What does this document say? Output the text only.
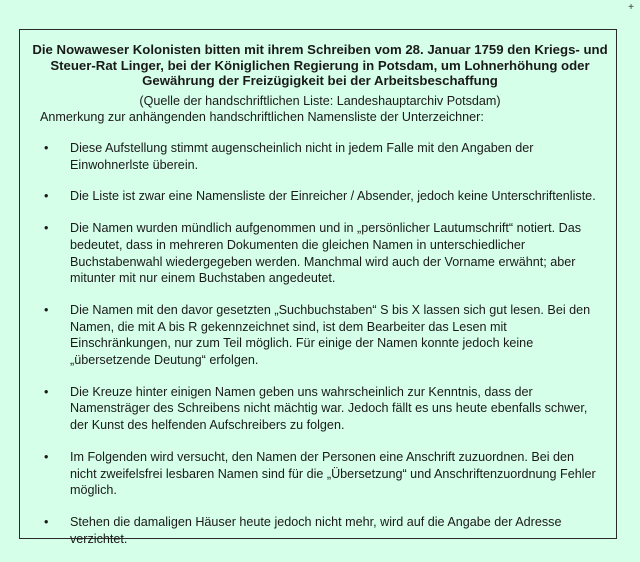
+

Die Nowaweser Kolonisten bitten mit ihrem Schreiben vom 28. Januar 1759 den Kriegs- und Steuer-Rat Linger, bei der Königlichen Regierung in Potsdam, um Lohnerhöhung oder Gewährung der Freizügigkeit bei der Arbeitsbeschaffung

(Quelle der handschriftlichen Liste: Landeshauptarchiv Potsdam)

Anmerkung zur anhängenden handschriftlichen Namensliste der Unterzeichner:

• Diese Aufstellung stimmt augenscheinlich nicht in jedem Falle mit den Angaben der Einwohnerlste überein.
• Die Liste ist zwar eine Namensliste der Einreicher / Absender, jedoch keine Unterschriftenliste.
• Die Namen wurden mündlich aufgenommen und in „persönlicher Lautumschrift“ notiert. Das bedeutet, dass in mehreren Dokumenten die gleichen Namen in unterschiedlicher Buchstabenwahl wiedergegeben werden. Manchmal wird auch der Vorname erwähnt; aber mitunter mit nur einem Buchstaben angedeutet.
• Die Namen mit den davor gesetzten „Suchbuchstaben“ S bis X lassen sich gut lesen. Bei den Namen, die mit A bis R gekennzeichnet sind, ist dem Bearbeiter das Lesen mit Einschränkungen, nur zum Teil möglich. Für einige der Namen konnte jedoch keine „übersetzende Deutung“ erfolgen.
• Die Kreuze hinter einigen Namen geben uns wahrscheinlich zur Kenntnis, dass der Namensträger des Schreibens nicht mächtig war. Jedoch fällt es uns heute ebenfalls schwer, der Kunst des helfenden Aufschreibers zu folgen.
• Im Folgenden wird versucht, den Namen der Personen eine Anschrift zuzuordnen. Bei den nicht zweifelsfrei lesbaren Namen sind für die „Übersetzung“ und Anschriftenzuordnung Fehler möglich.
• Stehen die damaligen Häuser heute jedoch nicht mehr, wird auf die Angabe der Adresse verzichtet.
